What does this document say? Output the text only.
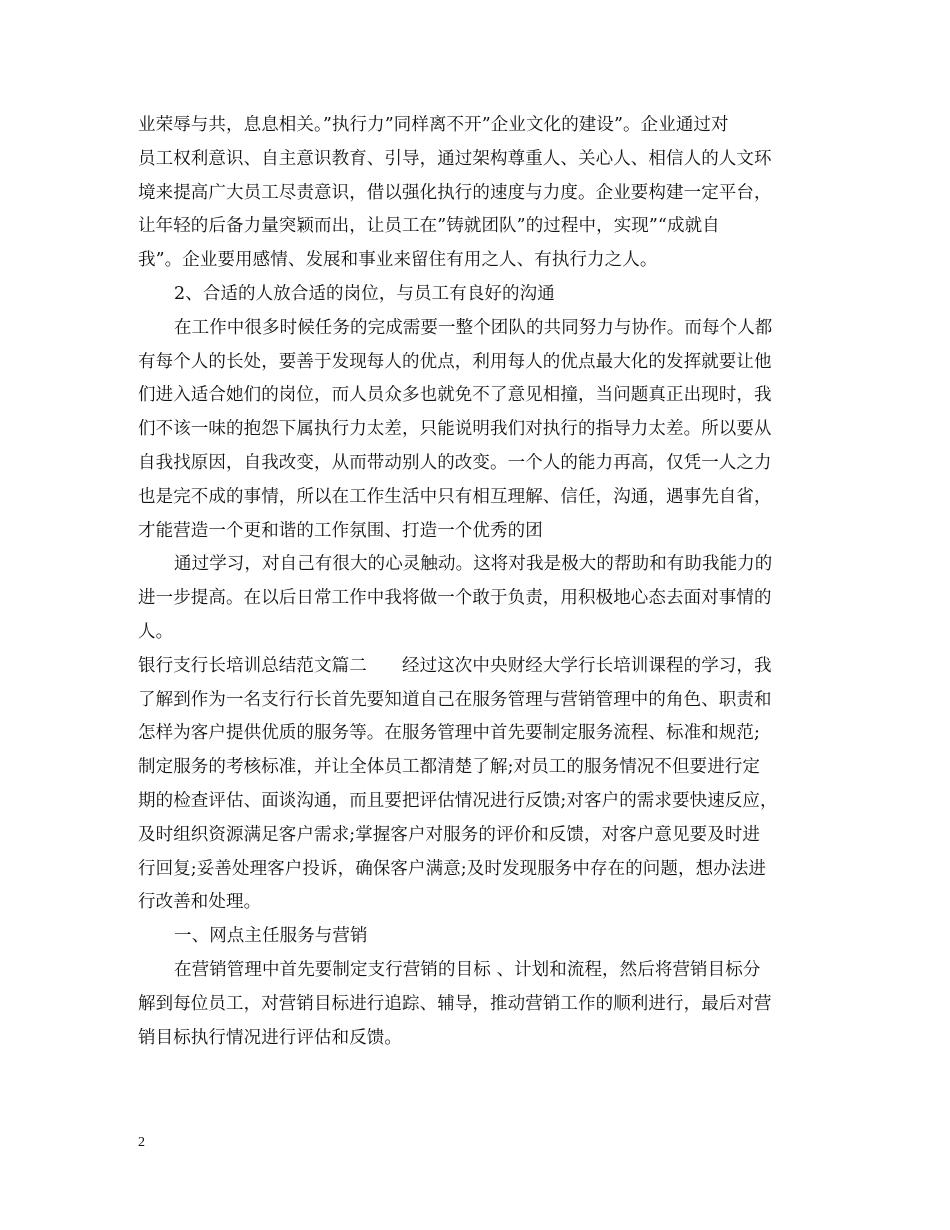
业荣辱与共，息息相关。”执行力”同样离不开”企业文化的建设”。企业通过对
员工权利意识、自主意识教育、引导，通过架构尊重人、关心人、相信人的人文环
境来提高广大员工尽责意识，借以强化执行的速度与力度。企业要构建一定平台，
让年轻的后备力量突颖而出，让员工在”铸就团队”的过程中，实现”“成就自
我”。企业要用感情、发展和事业来留住有用之人、有执行力之人。
2、合适的人放合适的岗位，与员工有良好的沟通
在工作中很多时候任务的完成需要一整个团队的共同努力与协作。而每个人都
有每个人的长处，要善于发现每人的优点，利用每人的优点最大化的发挥就要让他
们进入适合她们的岗位，而人员众多也就免不了意见相撞，当问题真正出现时，我
们不该一味的抱怨下属执行力太差，只能说明我们对执行的指导力太差。所以要从
自我找原因，自我改变，从而带动别人的改变。一个人的能力再高，仅凭一人之力
也是完不成的事情，所以在工作生活中只有相互理解、信任，沟通，遇事先自省，
才能营造一个更和谐的工作氛围、打造一个优秀的团
通过学习，对自己有很大的心灵触动。这将对我是极大的帮助和有助我能力的
进一步提高。在以后日常工作中我将做一个敢于负责，用积极地心态去面对事情的
人。
银行支行长培训总结范文篇二　　经过这次中央财经大学行长培训课程的学习，我
了解到作为一名支行行长首先要知道自己在服务管理与营销管理中的角色、职责和
怎样为客户提供优质的服务等。在服务管理中首先要制定服务流程、标准和规范;
制定服务的考核标准，并让全体员工都清楚了解;对员工的服务情况不但要进行定
期的检查评估、面谈沟通，而且要把评估情况进行反馈;对客户的需求要快速反应，
及时组织资源满足客户需求;掌握客户对服务的评价和反馈，对客户意见要及时进
行回复;妥善处理客户投诉，确保客户满意;及时发现服务中存在的问题，想办法进
行改善和处理。
一、网点主任服务与营销
在营销管理中首先要制定支行营销的目标 、计划和流程，然后将营销目标分
解到每位员工，对营销目标进行追踪、辅导，推动营销工作的顺利进行，最后对营
销目标执行情况进行评估和反馈。
2
